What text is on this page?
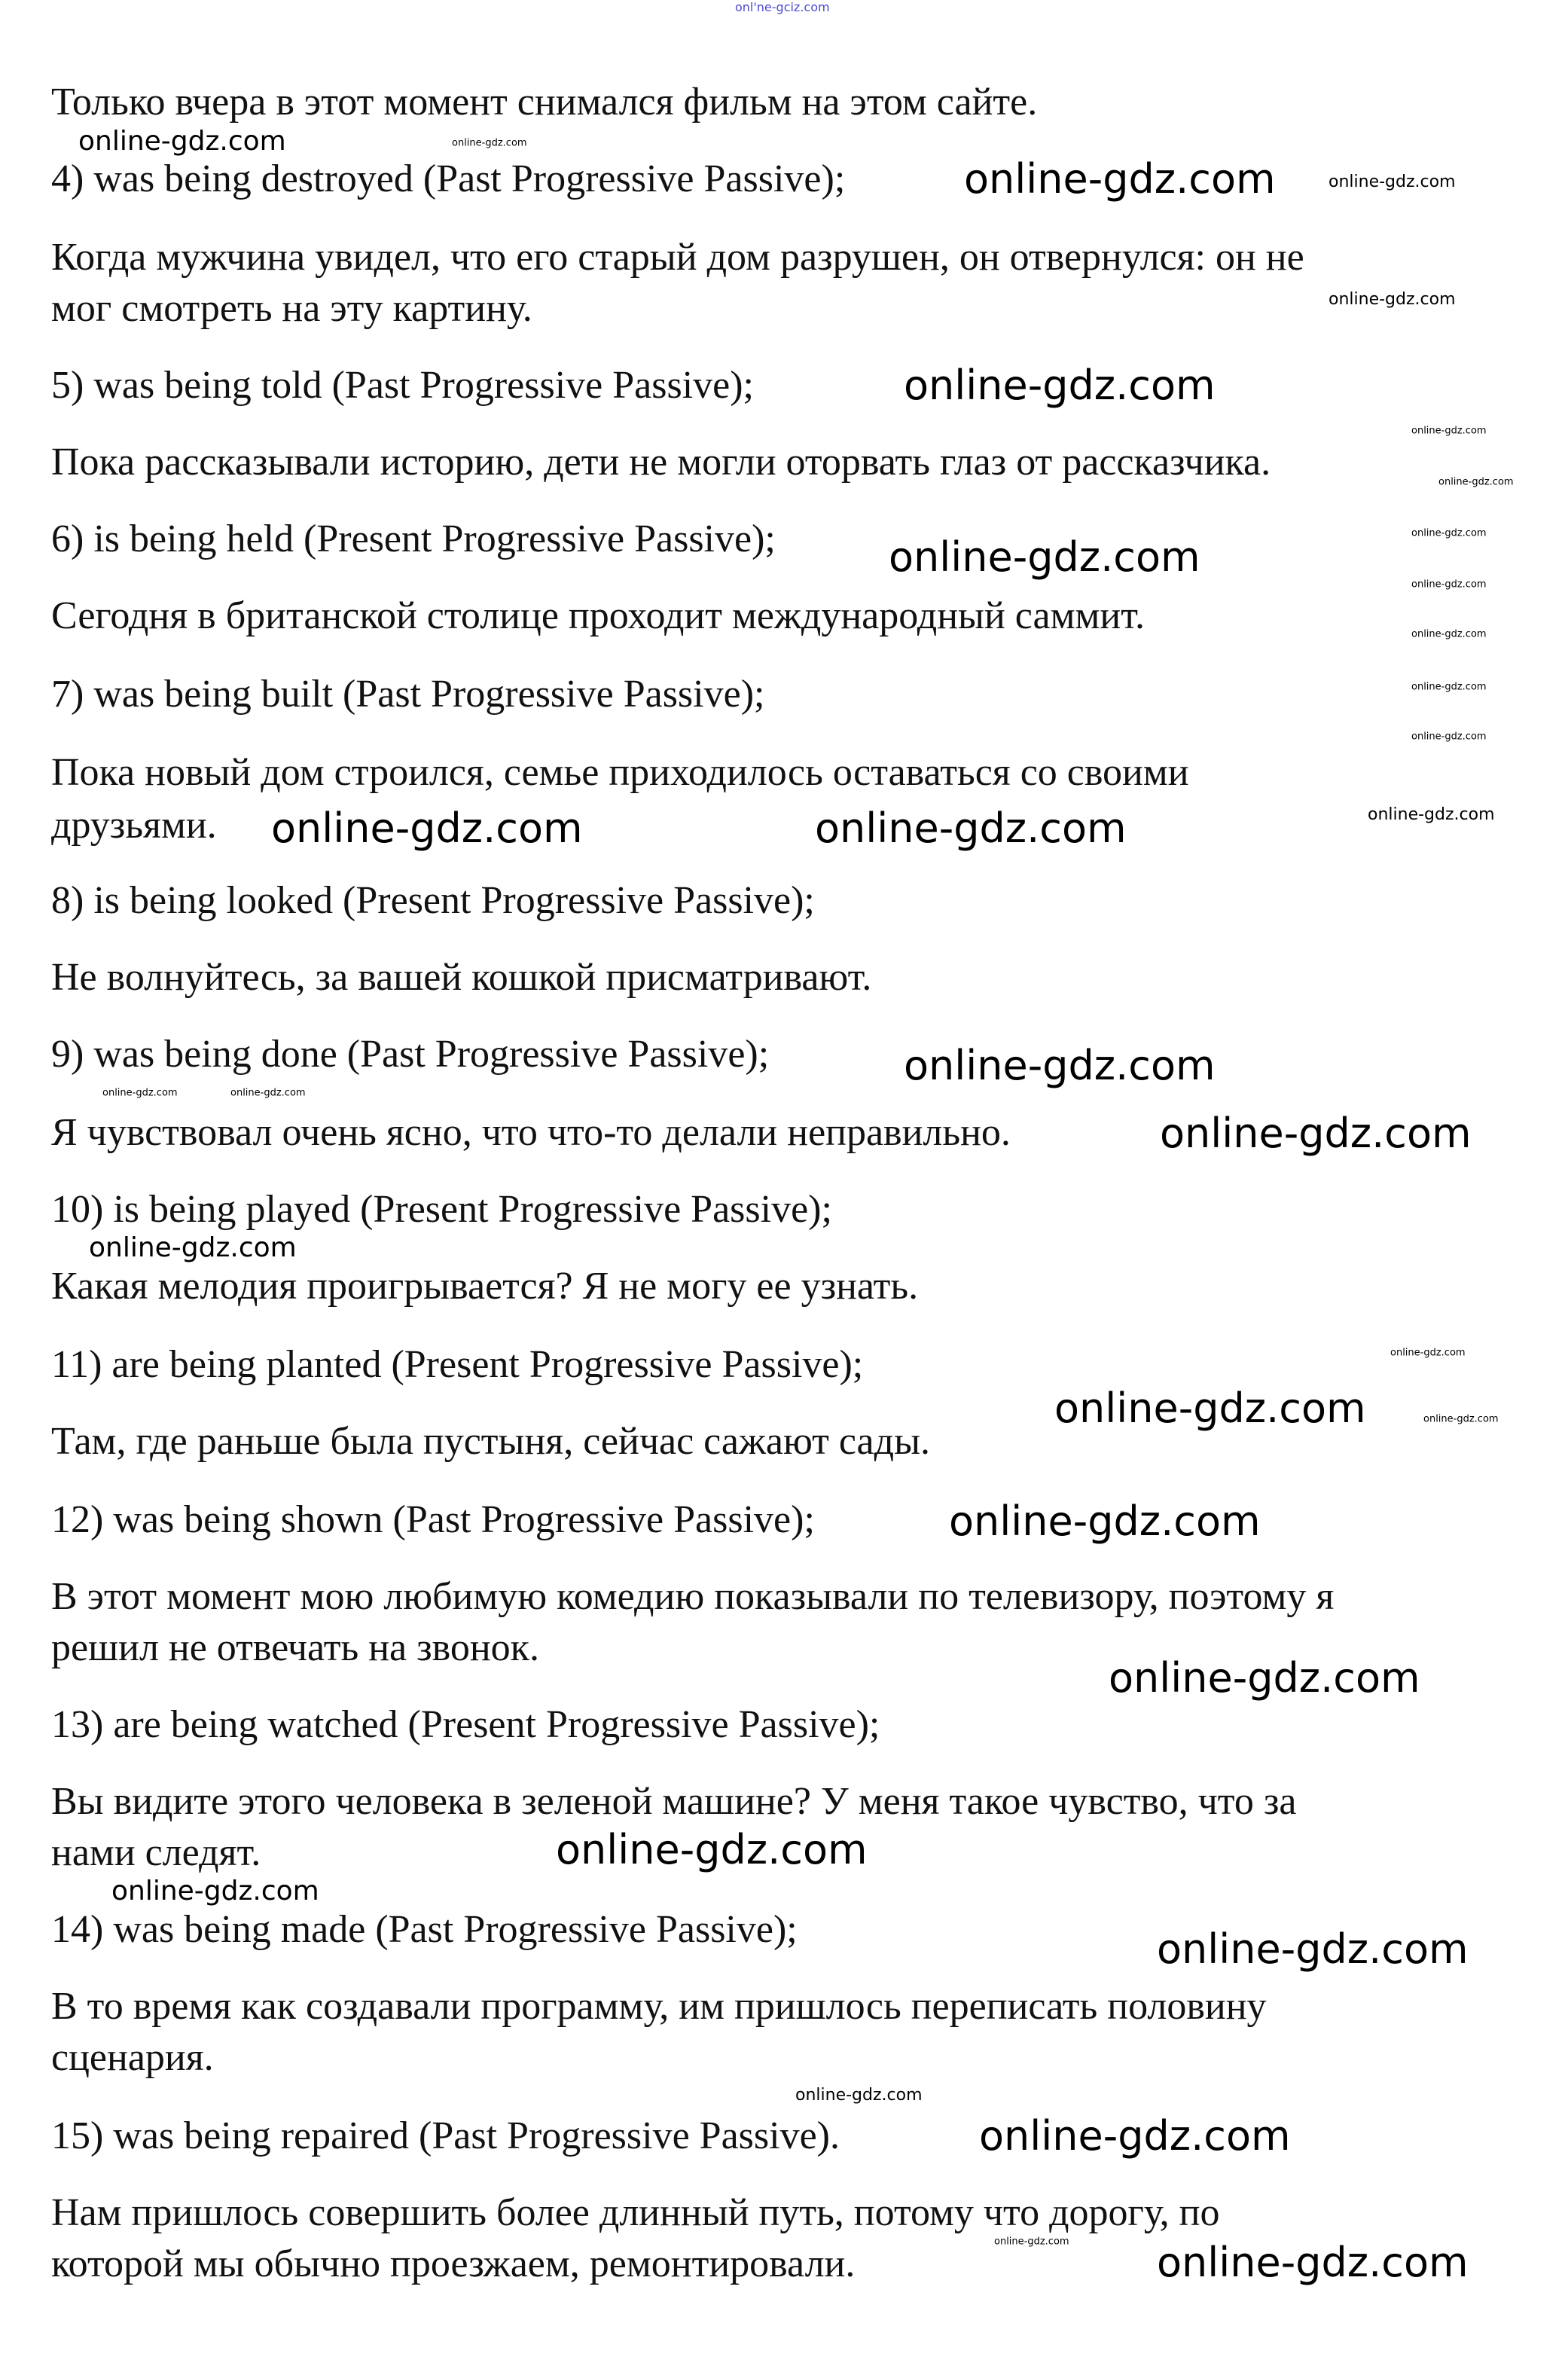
onl'ne-gciz.com
Только вчера в этот момент снимался фильм на этом сайте.
4) was being destroyed (Past Progressive Passive);
Когда мужчина увидел, что его старый дом разрушен, он отвернулся: он не
мог смотреть на эту картину.
5) was being told (Past Progressive Passive);
Пока рассказывали историю, дети не могли оторвать глаз от рассказчика.
6) is being held (Present Progressive Passive);
Сегодня в британской столице проходит международный саммит.
7) was being built (Past Progressive Passive);
Пока новый дом строился, семье приходилось оставаться со своими
друзьями.
8) is being looked (Present Progressive Passive);
Не волнуйтесь, за вашей кошкой присматривают.
9) was being done (Past Progressive Passive);
Я чувствовал очень ясно, что что-то делали неправильно.
10) is being played (Present Progressive Passive);
Какая мелодия проигрывается? Я не могу ее узнать.
11) are being planted (Present Progressive Passive);
Там, где раньше была пустыня, сейчас сажают сады.
12) was being shown (Past Progressive Passive);
В этот момент мою любимую комедию показывали по телевизору, поэтому я
решил не отвечать на звонок.
13) are being watched (Present Progressive Passive);
Вы видите этого человека в зеленой машине? У меня такое чувство, что за
нами следят.
14) was being made (Past Progressive Passive);
В то время как создавали программу, им пришлось переписать половину
сценария.
15) was being repaired (Past Progressive Passive).
Нам пришлось совершить более длинный путь, потому что дорогу, по
которой мы обычно проезжаем, ремонтировали.
online-gdz.com
online-gdz.com
online-gdz.com
online-gdz.com	online-gdz.com
online-gdz.com
online-gdz.com
online-gdz.com
online-gdz.com
online-gdz.com
online-gdz.com
online-gdz.com
online-gdz.com
online-gdz.com
online-gdz.com
online-gdz.com
online-gdz.com
online-gdz.com
online-gdz.com
online-gdz.com
online-gdz.com
online-gdz.com
online-gdz.com
online-gdz.com
online-gdz.com
online-gdz.com
online-gdz.com
online-gdz.com
online-gdz.com
online-gdz.com	online-gdz.com
online-gdz.com
online-gdz.com
online-gdz.com
